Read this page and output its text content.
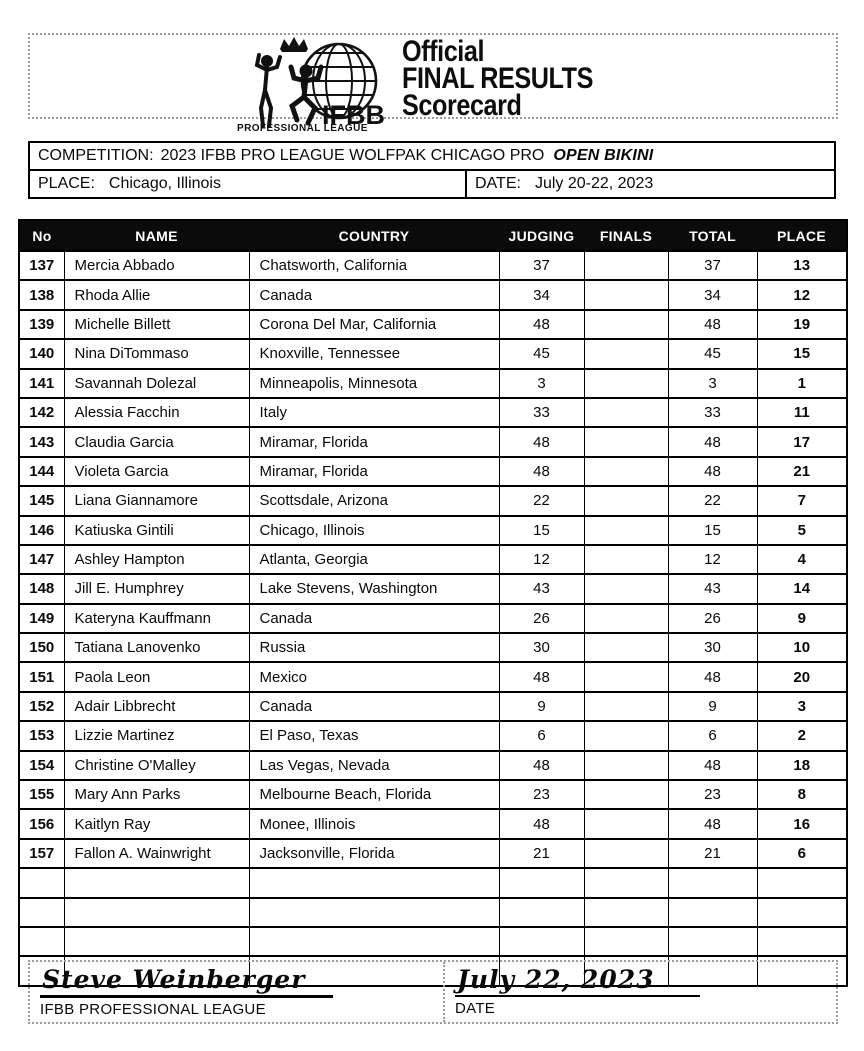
IFBB
PROFESSIONAL LEAGUE
Official
FINAL RESULTS
Scorecard
COMPETITION: 2023 IFBB PRO LEAGUE WOLFPAK CHICAGO PRO OPEN BIKINI
PLACE: Chicago, Illinois	DATE: July 20-22, 2023
No	NAME	COUNTRY	JUDGING	FINALS	TOTAL	PLACE
137	Mercia Abbado	Chatsworth, California	37		37	13
138	Rhoda Allie	Canada	34		34	12
139	Michelle Billett	Corona Del Mar, California	48		48	19
140	Nina DiTommaso	Knoxville, Tennessee	45		45	15
141	Savannah Dolezal	Minneapolis, Minnesota	3		3	1
142	Alessia Facchin	Italy	33		33	11
143	Claudia Garcia	Miramar, Florida	48		48	17
144	Violeta Garcia	Miramar, Florida	48		48	21
145	Liana Giannamore	Scottsdale, Arizona	22		22	7
146	Katiuska Gintili	Chicago, Illinois	15		15	5
147	Ashley Hampton	Atlanta, Georgia	12		12	4
148	Jill E. Humphrey	Lake Stevens, Washington	43		43	14
149	Kateryna Kauffmann	Canada	26		26	9
150	Tatiana Lanovenko	Russia	30		30	10
151	Paola Leon	Mexico	48		48	20
152	Adair Libbrecht	Canada	9		9	3
153	Lizzie Martinez	El Paso, Texas	6		6	2
154	Christine O'Malley	Las Vegas, Nevada	48		48	18
155	Mary Ann Parks	Melbourne Beach, Florida	23		23	8
156	Kaitlyn Ray	Monee, Illinois	48		48	16
157	Fallon A. Wainwright	Jacksonville, Florida	21		21	6

Steve Weinberger
IFBB PROFESSIONAL LEAGUE
July 22, 2023
DATE
